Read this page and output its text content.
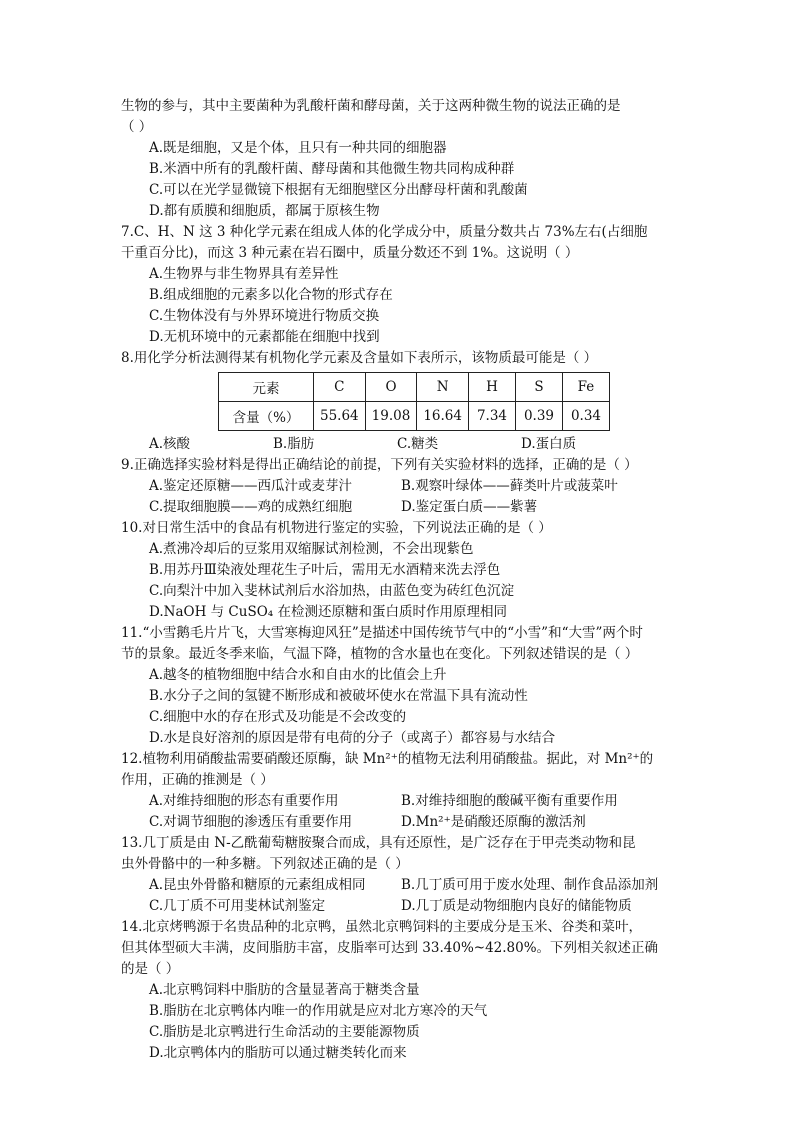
生物的参与，其中主要菌种为乳酸杆菌和酵母菌，关于这两种微生物的说法正确的是
（ ）
A.既是细胞，又是个体，且只有一种共同的细胞器
B.米酒中所有的乳酸杆菌、酵母菌和其他微生物共同构成种群
C.可以在光学显微镜下根据有无细胞壁区分出酵母杆菌和乳酸菌
D.都有质膜和细胞质，都属于原核生物
7.C、H、N 这 3 种化学元素在组成人体的化学成分中，质量分数共占 73%左右(占细胞
干重百分比)，而这 3 种元素在岩石圈中，质量分数还不到 1%。这说明（ ）
A.生物界与非生物界具有差异性
B.组成细胞的元素多以化合物的形式存在
C.生物体没有与外界环境进行物质交换
D.无机环境中的元素都能在细胞中找到
8.用化学分析法测得某有机物化学元素及含量如下表所示，该物质最可能是（ ）
元素	C	O	N	H	S	Fe
含量（%）	55.64	19.08	16.64	7.34	0.39	0.34
A.核酸	B.脂肪	C.糖类	D.蛋白质
9.正确选择实验材料是得出正确结论的前提，下列有关实验材料的选择，正确的是（ ）
A.鉴定还原糖——西瓜汁或麦芽汁	B.观察叶绿体——藓类叶片或菠菜叶
C.提取细胞膜——鸡的成熟红细胞	D.鉴定蛋白质——紫薯
10.对日常生活中的食品有机物进行鉴定的实验，下列说法正确的是（ ）
A.煮沸冷却后的豆浆用双缩脲试剂检测，不会出现紫色
B.用苏丹Ⅲ染液处理花生子叶后，需用无水酒精来洗去浮色
C.向梨汁中加入斐林试剂后水浴加热，由蓝色变为砖红色沉淀
D.NaOH 与 CuSO₄ 在检测还原糖和蛋白质时作用原理相同
11.“小雪鹅毛片片飞，大雪寒梅迎风狂”是描述中国传统节气中的“小雪”和“大雪”两个时
节的景象。最近冬季来临，气温下降，植物的含水量也在变化。下列叙述错误的是（ ）
A.越冬的植物细胞中结合水和自由水的比值会上升
B.水分子之间的氢键不断形成和被破坏使水在常温下具有流动性
C.细胞中水的存在形式及功能是不会改变的
D.水是良好溶剂的原因是带有电荷的分子（或离子）都容易与水结合
12.植物利用硝酸盐需要硝酸还原酶，缺 Mn²⁺的植物无法利用硝酸盐。据此，对 Mn²⁺的
作用，正确的推测是（ ）
A.对维持细胞的形态有重要作用	B.对维持细胞的酸碱平衡有重要作用
C.对调节细胞的渗透压有重要作用	D.Mn²⁺是硝酸还原酶的激活剂
13.几丁质是由 N-乙酰葡萄糖胺聚合而成，具有还原性，是广泛存在于甲壳类动物和昆
虫外骨骼中的一种多糖。下列叙述正确的是（ ）
A.昆虫外骨骼和糖原的元素组成相同	B.几丁质可用于废水处理、制作食品添加剂
C.几丁质不可用斐林试剂鉴定	D.几丁质是动物细胞内良好的储能物质
14.北京烤鸭源于名贵品种的北京鸭，虽然北京鸭饲料的主要成分是玉米、谷类和菜叶，
但其体型硕大丰满，皮间脂肪丰富，皮脂率可达到 33.40%~42.80%。下列相关叙述正确
的是（ ）
A.北京鸭饲料中脂肪的含量显著高于糖类含量
B.脂肪在北京鸭体内唯一的作用就是应对北方寒冷的天气
C.脂肪是北京鸭进行生命活动的主要能源物质
D.北京鸭体内的脂肪可以通过糖类转化而来
